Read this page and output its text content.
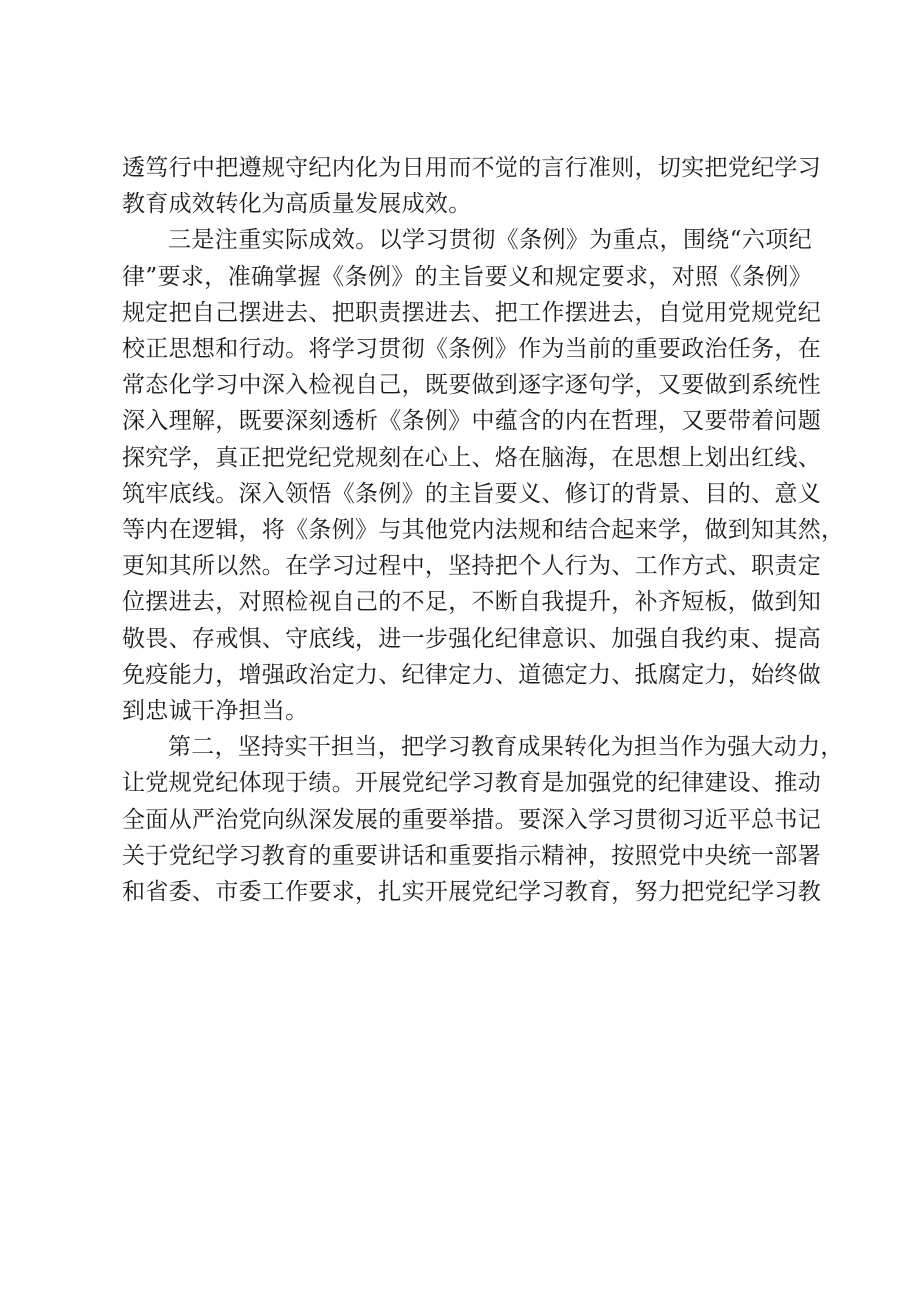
透笃行中把遵规守纪内化为日用而不觉的言行准则，切实把党纪学习
教育成效转化为高质量发展成效。

三是注重实际成效。以学习贯彻《条例》为重点，围绕“六项纪
律”要求，准确掌握《条例》的主旨要义和规定要求，对照《条例》
规定把自己摆进去、把职责摆进去、把工作摆进去，自觉用党规党纪
校正思想和行动。将学习贯彻《条例》作为当前的重要政治任务，在
常态化学习中深入检视自己，既要做到逐字逐句学，又要做到系统性
深入理解，既要深刻透析《条例》中蕴含的内在哲理，又要带着问题
探究学，真正把党纪党规刻在心上、烙在脑海，在思想上划出红线、
筑牢底线。深入领悟《条例》的主旨要义、修订的背景、目的、意义
等内在逻辑，将《条例》与其他党内法规和结合起来学，做到知其然，
更知其所以然。在学习过程中，坚持把个人行为、工作方式、职责定
位摆进去，对照检视自己的不足，不断自我提升，补齐短板，做到知
敬畏、存戒惧、守底线，进一步强化纪律意识、加强自我约束、提高
免疫能力，增强政治定力、纪律定力、道德定力、抵腐定力，始终做
到忠诚干净担当。

第二，坚持实干担当，把学习教育成果转化为担当作为强大动力，
让党规党纪体现于绩。开展党纪学习教育是加强党的纪律建设、推动
全面从严治党向纵深发展的重要举措。要深入学习贯彻习近平总书记
关于党纪学习教育的重要讲话和重要指示精神，按照党中央统一部署
和省委、市委工作要求，扎实开展党纪学习教育，努力把党纪学习教
